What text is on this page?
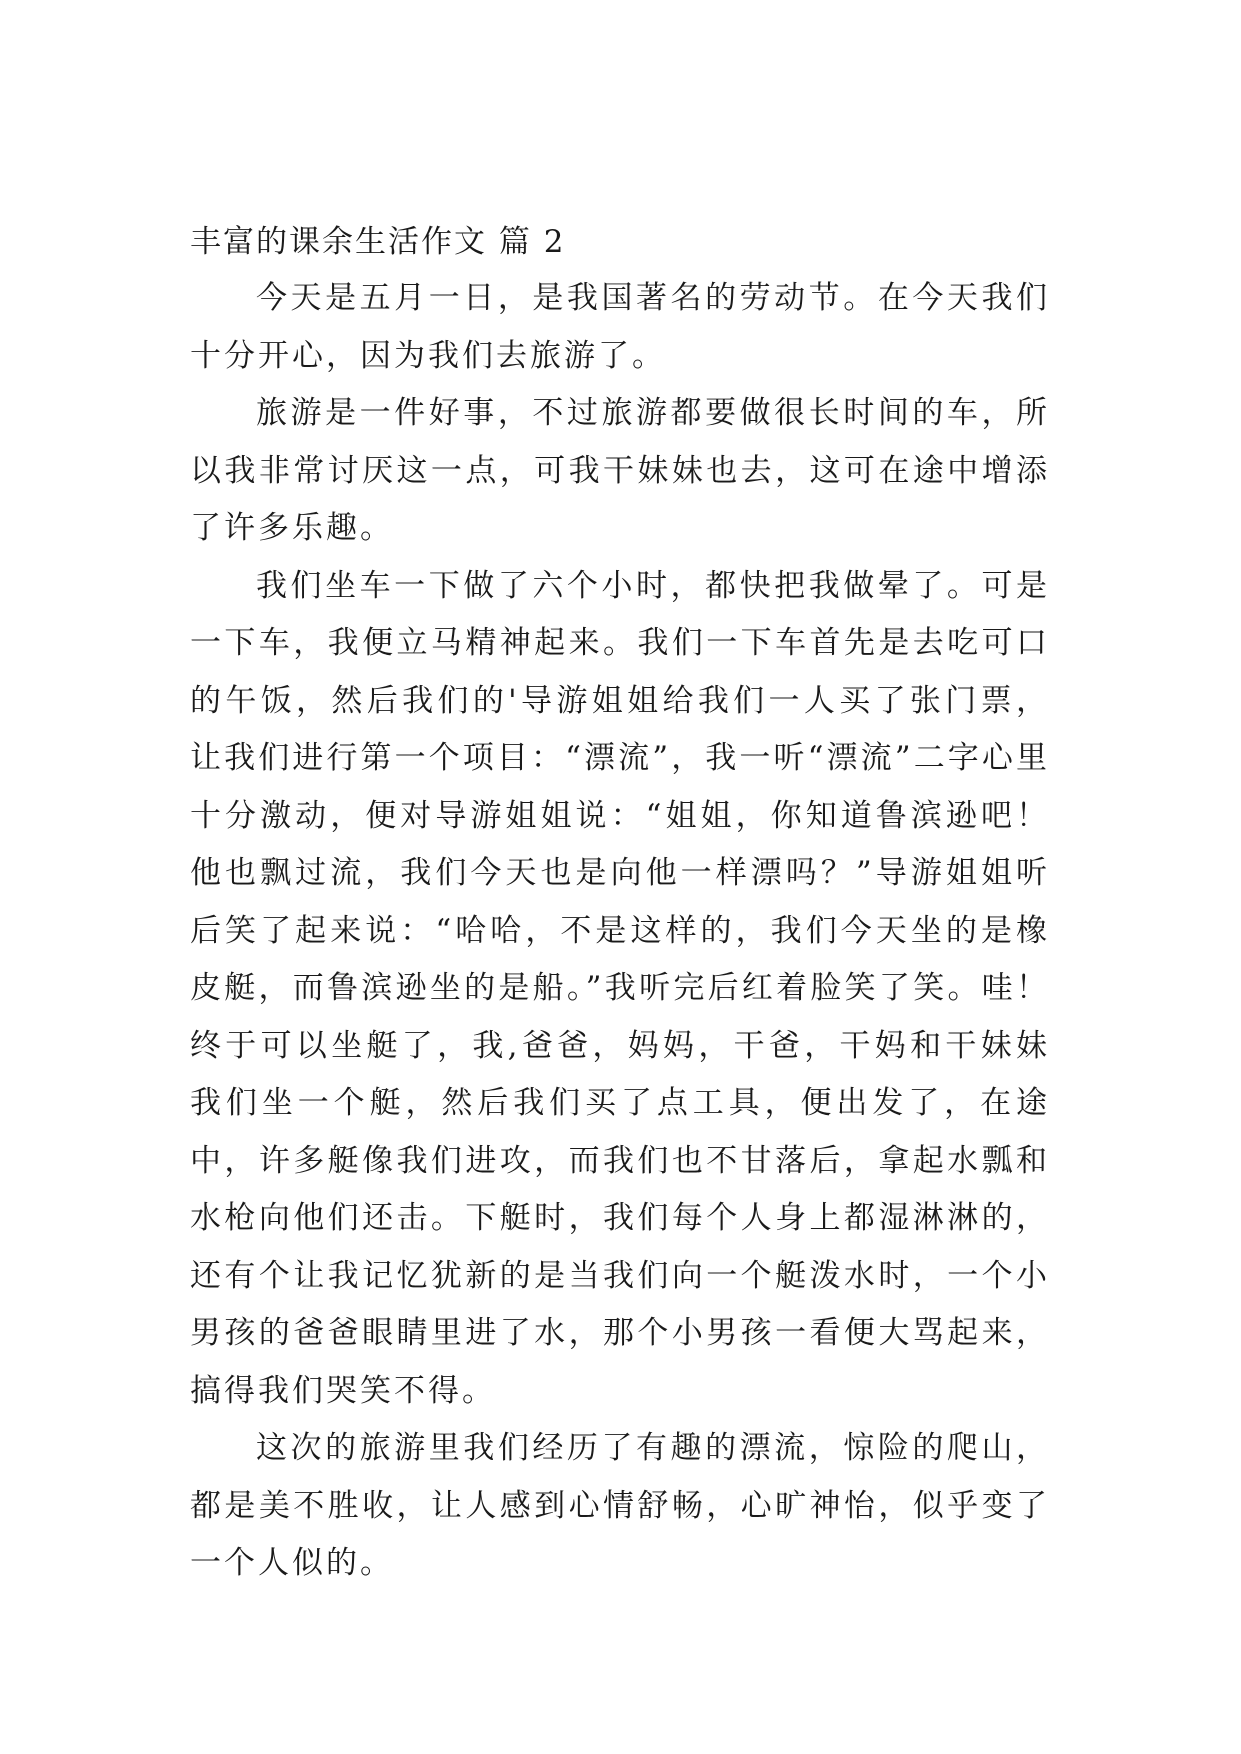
丰富的课余生活作文 篇 2

今天是五月一日，是我国著名的劳动节。在今天我们十分开心，因为我们去旅游了。

旅游是一件好事，不过旅游都要做很长时间的车，所以我非常讨厌这一点，可我干妹妹也去，这可在途中增添了许多乐趣。

我们坐车一下做了六个小时，都快把我做晕了。可是一下车，我便立马精神起来。我们一下车首先是去吃可口的午饭，然后我们的'导游姐姐给我们一人买了张门票，让我们进行第一个项目：“漂流”，我一听“漂流”二字心里十分激动，便对导游姐姐说：“姐姐，你知道鲁滨逊吧！他也飘过流，我们今天也是向他一样漂吗？”导游姐姐听后笑了起来说：“哈哈，不是这样的，我们今天坐的是橡皮艇，而鲁滨逊坐的是船。”我听完后红着脸笑了笑。哇！终于可以坐艇了，我,爸爸，妈妈，干爸，干妈和干妹妹我们坐一个艇，然后我们买了点工具，便出发了，在途中，许多艇像我们进攻，而我们也不甘落后，拿起水瓢和水枪向他们还击。下艇时，我们每个人身上都湿淋淋的，还有个让我记忆犹新的是当我们向一个艇泼水时，一个小男孩的爸爸眼睛里进了水，那个小男孩一看便大骂起来，搞得我们哭笑不得。

这次的旅游里我们经历了有趣的漂流，惊险的爬山，都是美不胜收，让人感到心情舒畅，心旷神怡，似乎变了一个人似的。
